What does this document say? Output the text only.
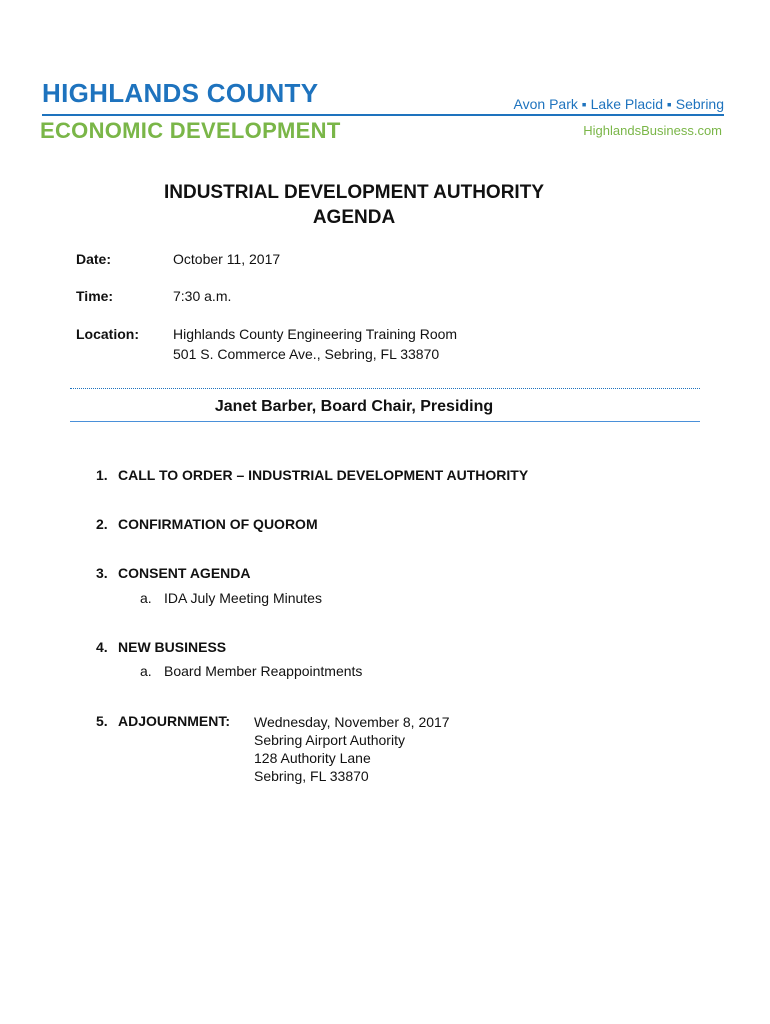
HIGHLANDS COUNTY
ECONOMIC DEVELOPMENT
Avon Park ▪ Lake Placid ▪ Sebring
HighlandsBusiness.com
INDUSTRIAL DEVELOPMENT AUTHORITY
AGENDA
Date:	October 11, 2017
Time:	7:30 a.m.
Location: Highlands County Engineering Training Room
501 S. Commerce Ave., Sebring, FL 33870
Janet Barber, Board Chair, Presiding
1. CALL TO ORDER – INDUSTRIAL DEVELOPMENT AUTHORITY
2. CONFIRMATION OF QUOROM
3. CONSENT AGENDA
a. IDA July Meeting Minutes
4. NEW BUSINESS
a. Board Member Reappointments
5. ADJOURNMENT: Wednesday, November 8, 2017
Sebring Airport Authority
128 Authority Lane
Sebring, FL 33870
